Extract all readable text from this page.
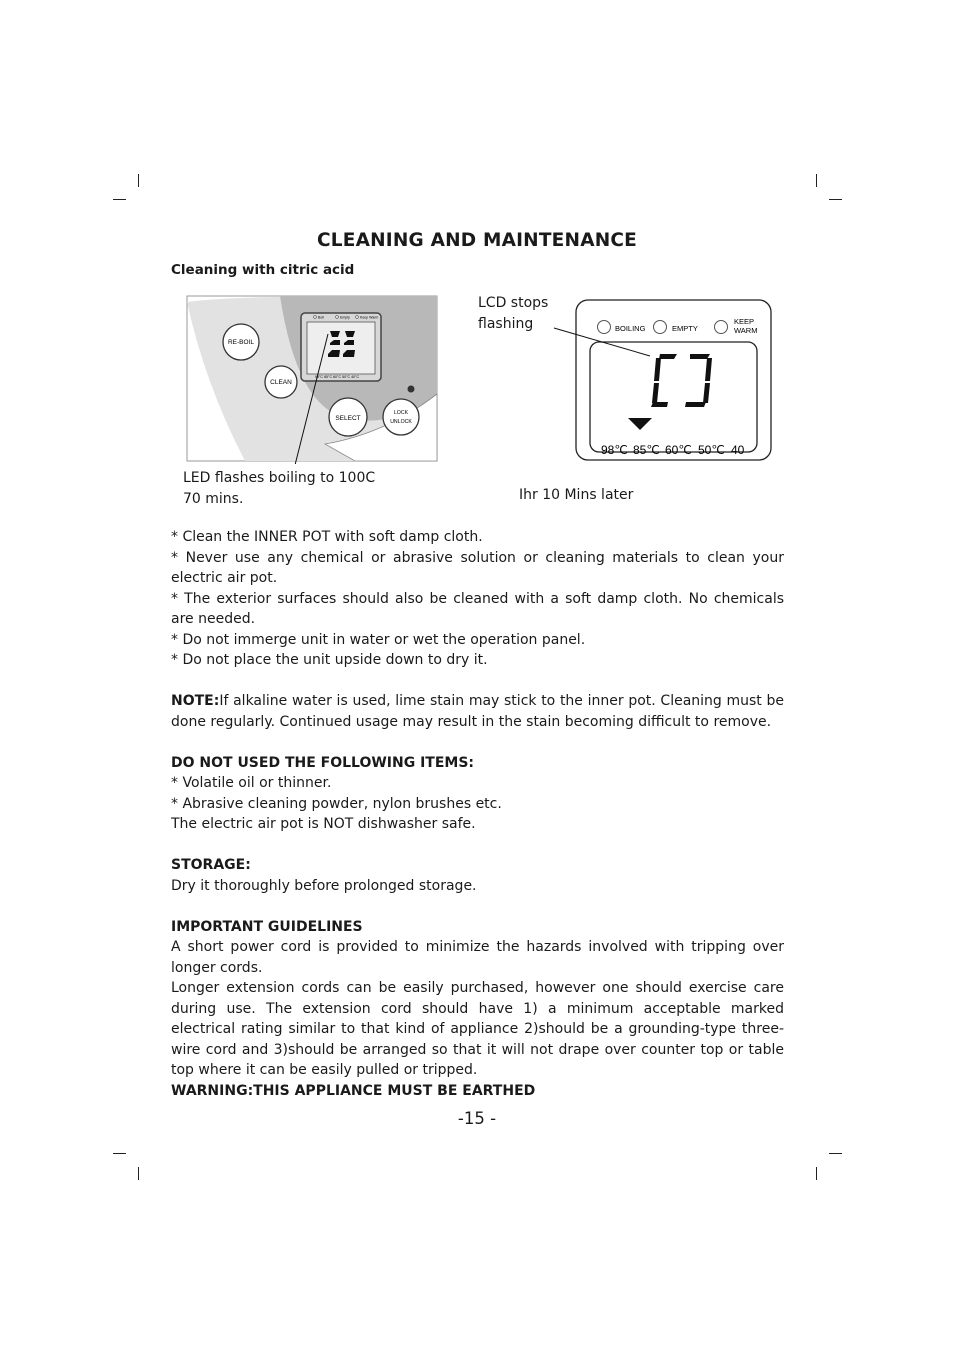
CLEANING AND MAINTENANCE
Cleaning with citric acid
Boil	Empty	Keep Warm
98°C 85°C 60°C 50°C 40°C
RE-BOIL
CLEAN
SELECT
LOCK
UNLOCK
LED flashes boiling to 100C
70 mins.
LCD stops
flashing	BOILING	EMPTY
KEEP
WARM
98℃ 85℃ 60℃ 50℃ 40
Ihr 10 Mins later

* Clean the INNER POT with soft damp cloth.

* Never use any chemical or abrasive solution or cleaning materials to clean your electric air pot.

* The exterior surfaces should also be cleaned with a soft damp cloth. No chemicals are needed.

* Do not immerge unit in water or wet the operation panel.

* Do not place the unit upside down to dry it.

NOTE:If alkaline water is used, lime stain may stick to the inner pot. Cleaning must be done regularly. Continued usage may result in the stain becoming difficult to remove.

DO NOT USED THE FOLLOWING ITEMS:

* Volatile oil or thinner.

* Abrasive cleaning powder, nylon brushes etc.

The electric air pot is NOT dishwasher safe.

STORAGE:

Dry it thoroughly before prolonged storage.

IMPORTANT GUIDELINES

A short power cord is provided to minimize the hazards involved with tripping over longer cords.

Longer extension cords can be easily purchased, however one should exercise care during use. The extension cord should have 1) a minimum acceptable marked electrical rating similar to that kind of appliance 2)should be a grounding-type three-wire cord and 3)should be arranged so that it will not drape over counter top or table top where it can be easily pulled or tripped.

WARNING:THIS APPLIANCE MUST BE EARTHED

-15 -
